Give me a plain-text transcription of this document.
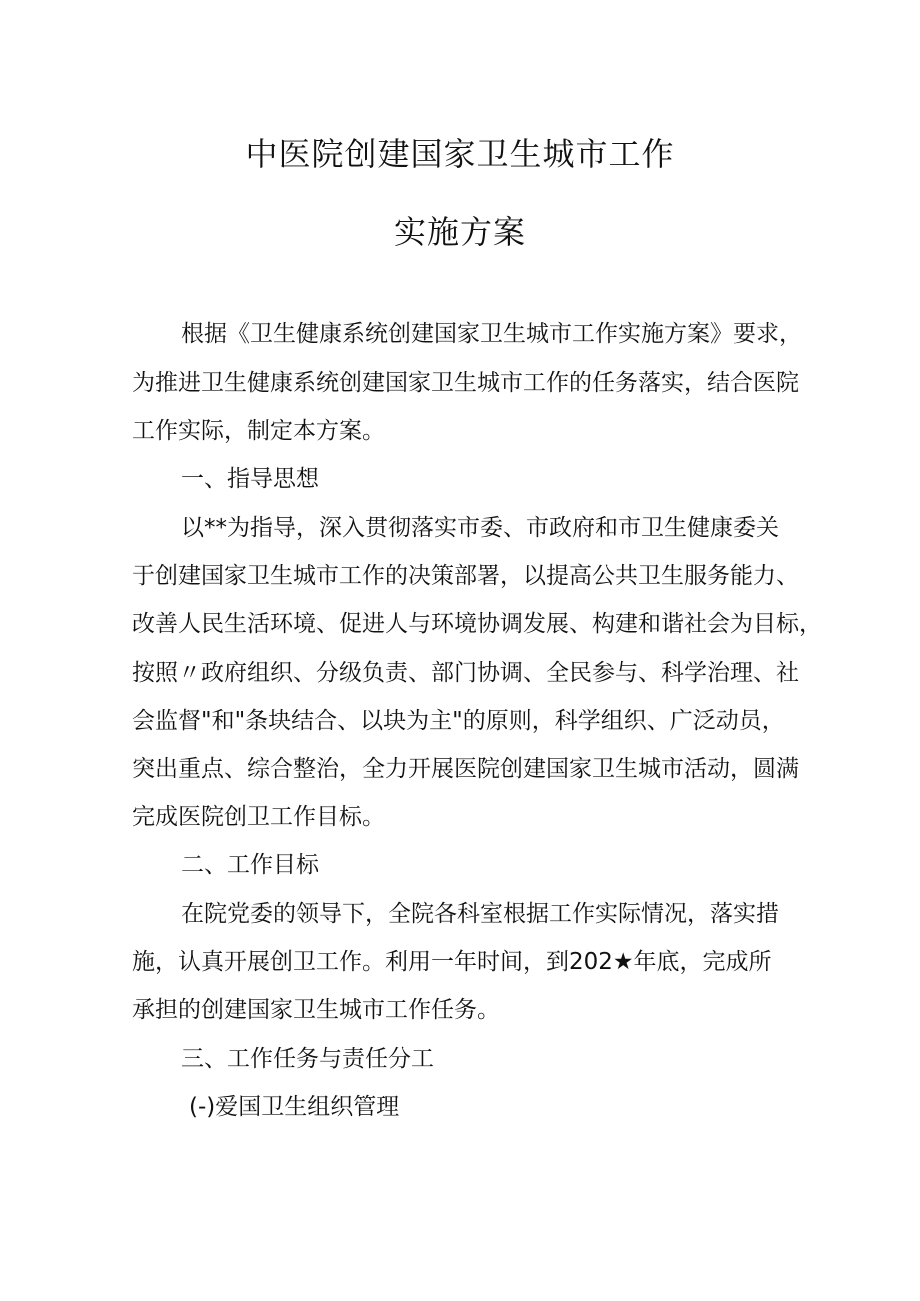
中医院创建国家卫生城市工作
实施方案
根据《卫生健康系统创建国家卫生城市工作实施方案》要求，
为推进卫生健康系统创建国家卫生城市工作的任务落实，结合医院
工作实际，制定本方案。
一、指导思想
以**为指导，深入贯彻落实市委、市政府和市卫生健康委关
于创建国家卫生城市工作的决策部署，以提高公共卫生服务能力、
改善人民生活环境、促进人与环境协调发展、构建和谐社会为目标，
按照〃政府组织、分级负责、部门协调、全民参与、科学治理、社
会监督"和"条块结合、以块为主"的原则，科学组织、广泛动员，
突出重点、综合整治，全力开展医院创建国家卫生城市活动，圆满
完成医院创卫工作目标。
二、工作目标
在院党委的领导下，全院各科室根据工作实际情况，落实措
施，认真开展创卫工作。利用一年时间，到202★年底，完成所
承担的创建国家卫生城市工作任务。
三、工作任务与责任分工
(-)爱国卫生组织管理
